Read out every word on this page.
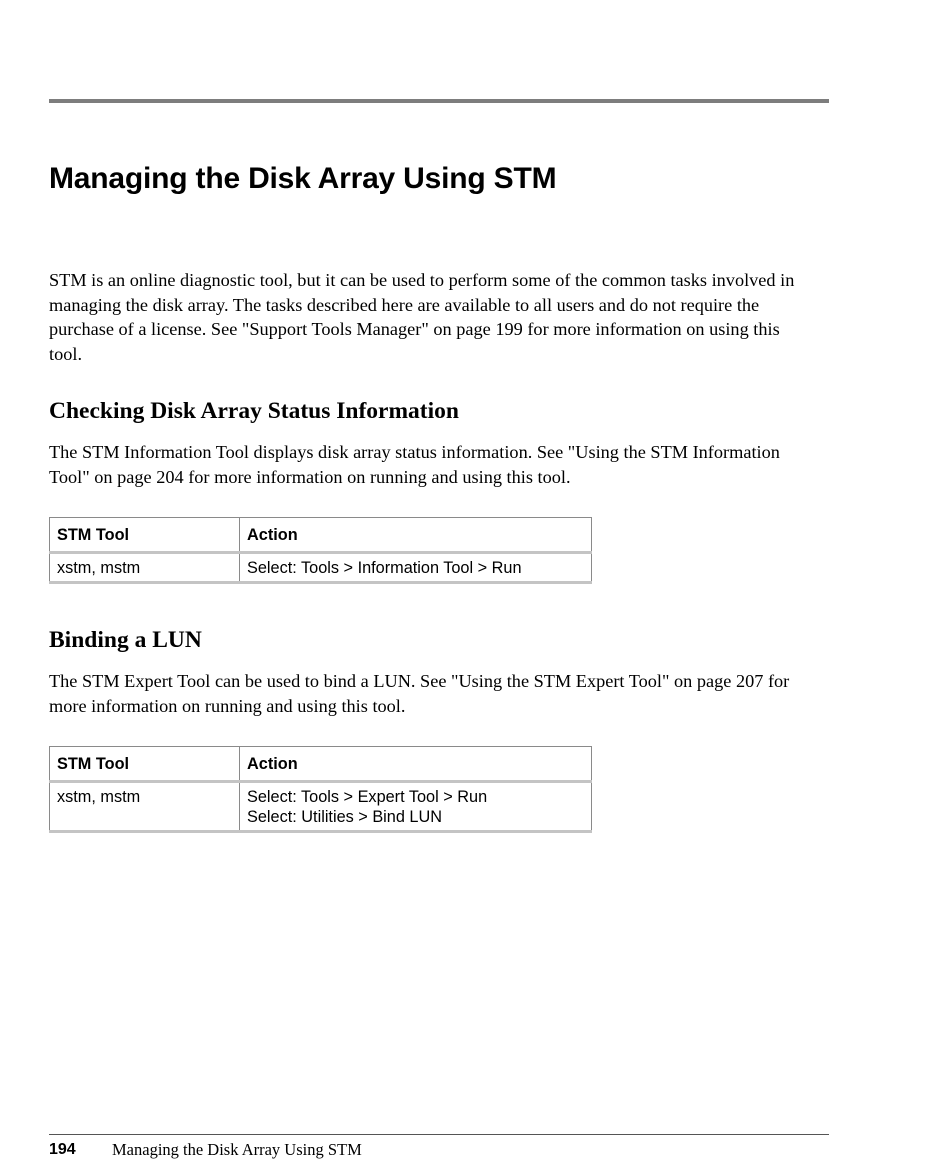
Managing the Disk Array Using STM

STM is an online diagnostic tool, but it can be used to perform some of the common tasks involved in managing the disk array. The tasks described here are available to all users and do not require the purchase of a license. See "Support Tools Manager" on page 199 for more information on using this tool.

Checking Disk Array Status Information

The STM Information Tool displays disk array status information. See "Using the STM Information Tool" on page 204 for more information on running and using this tool.

STM Tool	Action
xstm, mstm	Select: Tools > Information Tool > Run
Binding a LUN

The STM Expert Tool can be used to bind a LUN. See "Using the STM Expert Tool" on page 207 for more information on running and using this tool.

STM Tool	Action
xstm, mstm	Select: Tools > Expert Tool > Run
Select: Utilities > Bind LUN
194 Managing the Disk Array Using STM
